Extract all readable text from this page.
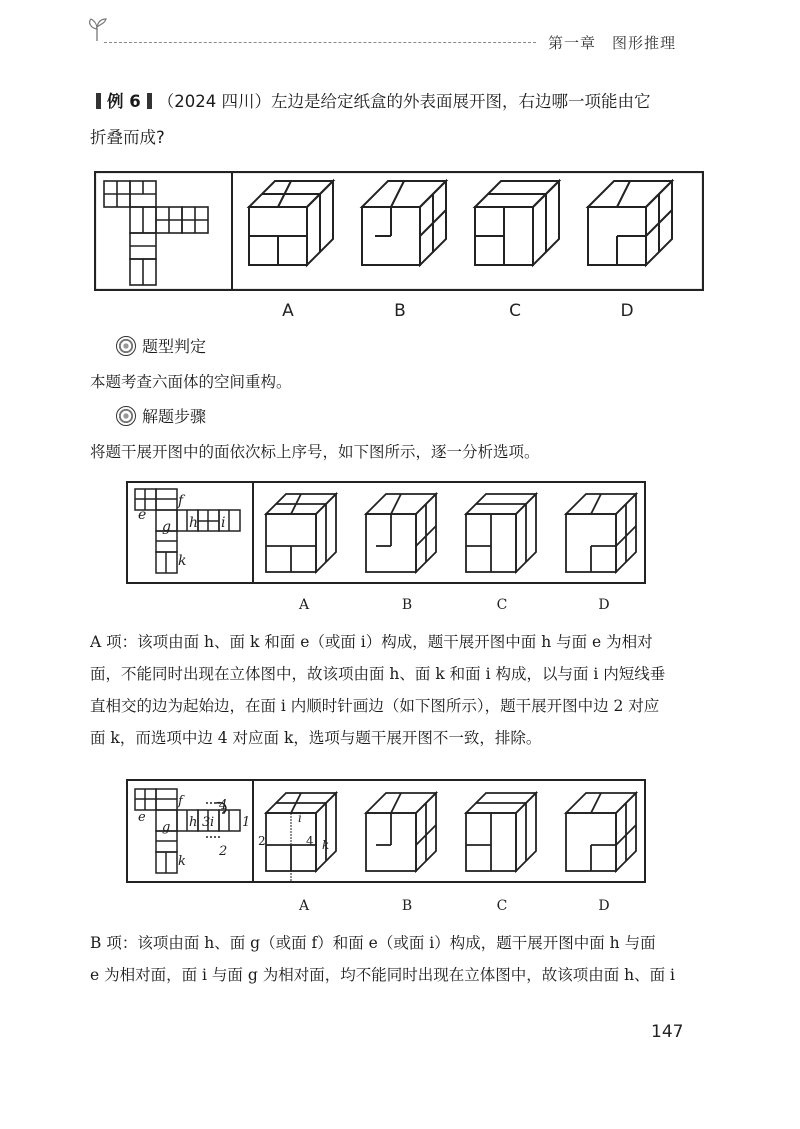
第一章 图形推理
例 6 （2024 四川）左边是给定纸盒的外表面展开图，右边哪一项能由它
折叠而成?
A	B	C	D
题型判定
本题考查六面体的空间重构。
解题步骤
将题干展开图中的面依次标上序号，如下图所示，逐一分析选项。
e
f
g h i
k
A	B	C	D
A 项：该项由面 h、面 k 和面 e（或面 i）构成，题干展开图中面 h 与面 e 为相对
面，不能同时出现在立体图中，故该项由面 h、面 k 和面 i 构成，以与面 i 内短线垂
直相交的边为起始边，在面 i 内顺时针画边（如下图所示），题干展开图中边 2 对应
面 k，而选项中边 4 对应面 k，选项与题干展开图不一致，排除。
e
f
g h i
k
1
2
3
4
i
k
2	4
A	B	C	D
B 项：该项由面 h、面 g（或面 f）和面 e（或面 i）构成，题干展开图中面 h 与面
e 为相对面，面 i 与面 g 为相对面，均不能同时出现在立体图中，故该项由面 h、面 i
147
